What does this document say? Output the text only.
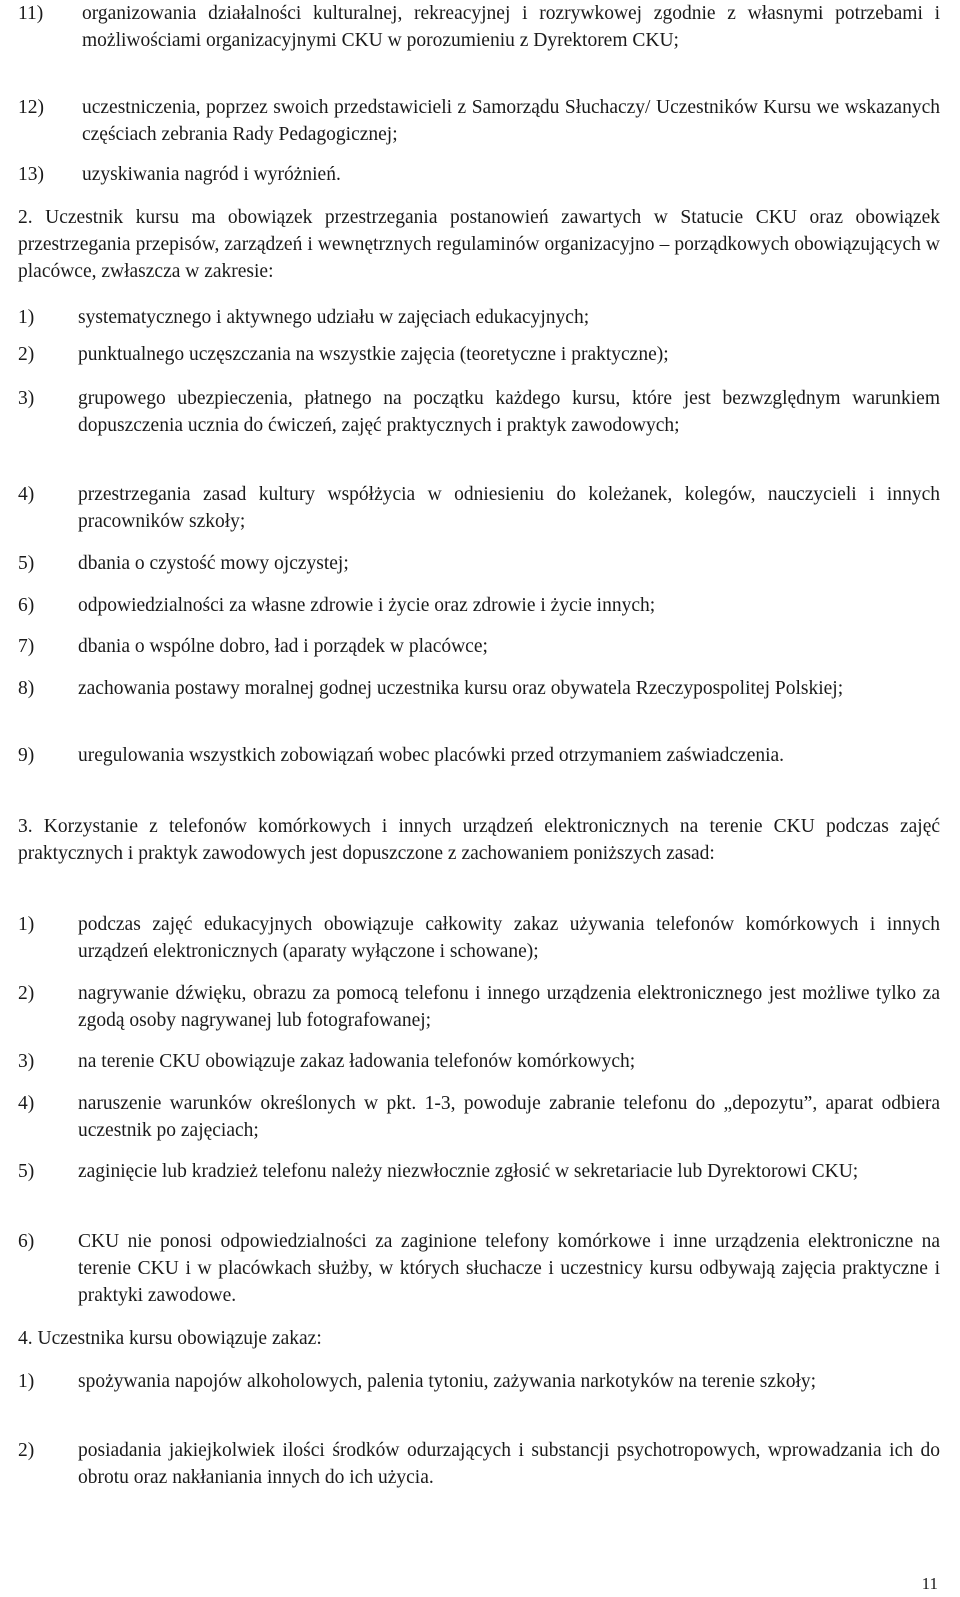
11)	organizowania działalności kulturalnej, rekreacyjnej i rozrywkowej zgodnie z własnymi potrzebami i możliwościami organizacyjnymi CKU w porozumieniu z Dyrektorem CKU;
12)	uczestniczenia, poprzez swoich przedstawicieli z Samorządu Słuchaczy/ Uczestników Kursu we wskazanych częściach zebrania Rady Pedagogicznej;
13)	uzyskiwania nagród i wyróżnień.
2. Uczestnik kursu ma obowiązek przestrzegania postanowień zawartych w Statucie CKU oraz obowiązek przestrzegania przepisów, zarządzeń i wewnętrznych regulaminów organizacyjno – porządkowych obowiązujących w placówce, zwłaszcza w zakresie:
1)	systematycznego i aktywnego udziału w zajęciach edukacyjnych;
2)	punktualnego uczęszczania na wszystkie zajęcia (teoretyczne i praktyczne);
3)	grupowego ubezpieczenia, płatnego na początku każdego kursu, które jest bezwzględnym warunkiem dopuszczenia ucznia do ćwiczeń, zajęć praktycznych i praktyk zawodowych;
4)	przestrzegania zasad kultury współżycia w odniesieniu do koleżanek, kolegów, nauczycieli i innych pracowników szkoły;
5)	dbania o czystość mowy ojczystej;
6)	odpowiedzialności za własne zdrowie i życie oraz zdrowie i życie innych;
7)	dbania o wspólne dobro, ład i porządek w placówce;
8)	zachowania postawy moralnej godnej uczestnika kursu oraz obywatela Rzeczypospolitej Polskiej;
9)	uregulowania wszystkich zobowiązań wobec placówki przed otrzymaniem zaświadczenia.
3. Korzystanie z telefonów komórkowych i innych urządzeń elektronicznych na terenie CKU podczas zajęć praktycznych i praktyk zawodowych jest dopuszczone z zachowaniem poniższych zasad:
1)	podczas zajęć edukacyjnych obowiązuje całkowity zakaz używania telefonów komórkowych i innych urządzeń elektronicznych (aparaty wyłączone i schowane);
2)	nagrywanie dźwięku, obrazu za pomocą telefonu i innego urządzenia elektronicznego jest możliwe tylko za zgodą osoby nagrywanej lub fotografowanej;
3)	na terenie CKU obowiązuje zakaz ładowania telefonów komórkowych;
4)	naruszenie warunków określonych w pkt. 1-3, powoduje zabranie telefonu do „depozytu”, aparat odbiera uczestnik po zajęciach;
5)	zaginięcie lub kradzież telefonu należy niezwłocznie zgłosić w sekretariacie lub Dyrektorowi CKU;
6)	CKU nie ponosi odpowiedzialności za zaginione telefony komórkowe i inne urządzenia elektroniczne na terenie CKU i w placówkach służby, w których słuchacze i uczestnicy kursu odbywają zajęcia praktyczne i praktyki zawodowe.
4. Uczestnika kursu obowiązuje zakaz:
1)	spożywania napojów alkoholowych, palenia tytoniu, zażywania narkotyków na terenie szkoły;
2)	posiadania jakiejkolwiek ilości środków odurzających i substancji psychotropowych, wprowadzania ich do obrotu oraz nakłaniania innych do ich użycia.
11
